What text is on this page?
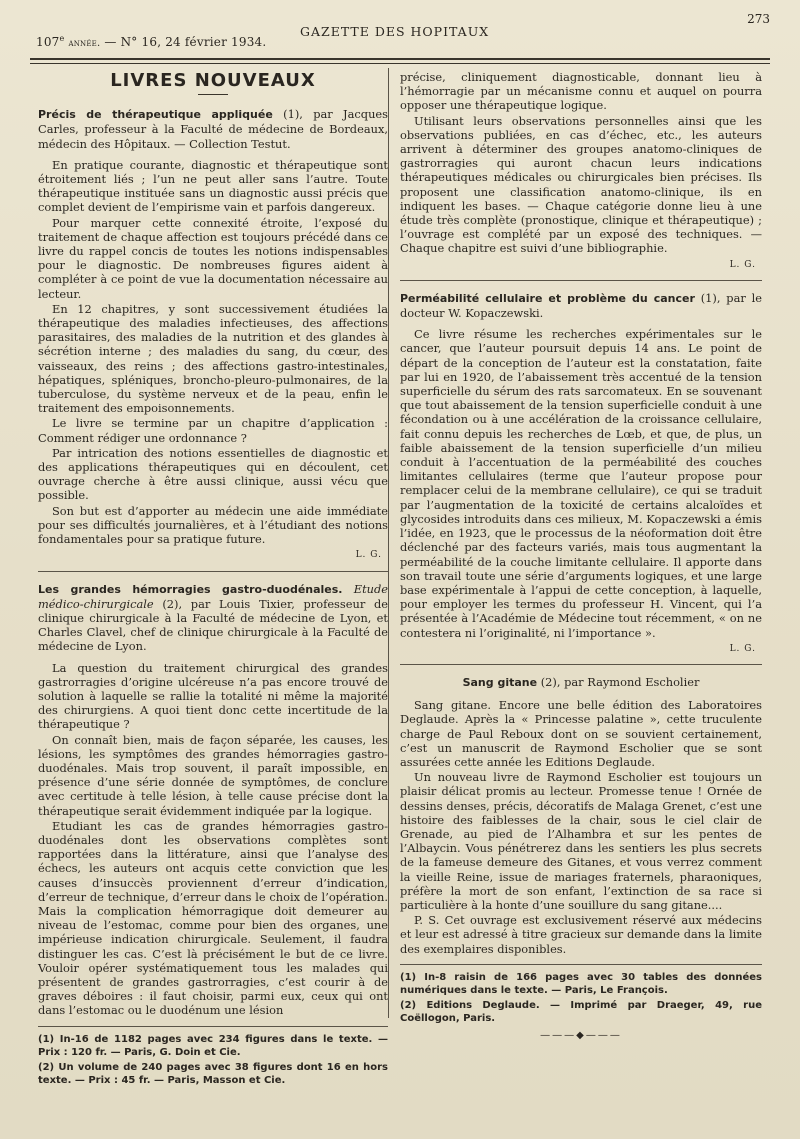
107e année. — N° 16, 24 février 1934.
GAZETTE DES HOPITAUX
273
LIVRES NOUVEAUX
Précis de thérapeutique appliquée (1), par Jacques Carles, professeur à la Faculté de médecine de Bordeaux, médecin des Hôpitaux. — Collection Testut.

En pratique courante, diagnostic et thérapeutique sont étroitement liés ; l’un ne peut aller sans l’autre. Toute thérapeutique instituée sans un diagnostic aussi précis que complet devient de l’empirisme vain et parfois dangereux.

Pour marquer cette connexité étroite, l’exposé du traitement de chaque affection est toujours précédé dans ce livre du rappel concis de toutes les notions indispensables pour le diagnostic. De nombreuses figures aident à compléter à ce point de vue la documentation nécessaire au lecteur.

En 12 chapitres, y sont successivement étudiées la thérapeutique des maladies infectieuses, des affections parasitaires, des maladies de la nutrition et des glandes à sécrétion interne ; des maladies du sang, du cœur, des vaisseaux, des reins ; des affections gastro-intestinales, hépatiques, spléniques, broncho-pleuro-pulmonaires, de la tuberculose, du système nerveux et de la peau, enfin le traitement des empoisonnements.

Le livre se termine par un chapitre d’application : Comment rédiger une ordonnance ?

Par intrication des notions essentielles de diagnostic et des applications thérapeutiques qui en découlent, cet ouvrage cherche à être aussi clinique, aussi vécu que possible.

Son but est d’apporter au médecin une aide immédiate pour ses difficultés journalières, et à l’étudiant des notions fondamentales pour sa pratique future.

L. G.
Les grandes hémorragies gastro-duodénales. Etude médico-chirurgicale (2), par Louis Tixier, professeur de clinique chirurgicale à la Faculté de médecine de Lyon, et Charles Clavel, chef de clinique chirurgicale à la Faculté de médecine de Lyon.

La question du traitement chirurgical des grandes gastrorragies d’origine ulcéreuse n’a pas encore trouvé de solution à laquelle se rallie la totalité ni même la majorité des chirurgiens. A quoi tient donc cette incertitude de la thérapeutique ?

On connaît bien, mais de façon séparée, les causes, les lésions, les symptômes des grandes hémorragies gastro-duodénales. Mais trop souvent, il paraît impossible, en présence d’une série donnée de symptômes, de conclure avec certitude à telle lésion, à telle cause précise dont la thérapeutique serait évidemment indiquée par la logique.

Etudiant les cas de grandes hémorragies gastro-duodénales dont les observations complètes sont rapportées dans la littérature, ainsi que l’analyse des échecs, les auteurs ont acquis cette conviction que les causes d’insuccès proviennent d’erreur d’indication, d’erreur de technique, d’erreur dans le choix de l’opération. Mais la complication hémorragique doit demeurer au niveau de l’estomac, comme pour bien des organes, une impérieuse indication chirurgicale. Seulement, il faudra distinguer les cas. C’est là précisément le but de ce livre. Vouloir opérer systématiquement tous les malades qui présentent de grandes gastrorragies, c’est courir à de graves déboires : il faut choisir, parmi eux, ceux qui ont dans l’estomac ou le duodénum une lésion

(1) In-16 de 1182 pages avec 234 figures dans le texte. — Prix : 120 fr. — Paris, G. Doin et Cie.
(2) Un volume de 240 pages avec 38 figures dont 16 en hors texte. — Prix : 45 fr. — Paris, Masson et Cie.

précise, cliniquement diagnosticable, donnant lieu à l’hémorragie par un mécanisme connu et auquel on pourra opposer une thérapeutique logique.

Utilisant leurs observations personnelles ainsi que les observations publiées, en cas d’échec, etc., les auteurs arrivent à déterminer des groupes anatomo-cliniques de gastrorragies qui auront chacun leurs indications thérapeutiques médicales ou chirurgicales bien précises. Ils proposent une classification anatomo-clinique, ils en indiquent les bases. — Chaque catégorie donne lieu à une étude très complète (pronostique, clinique et thérapeutique) ; l’ouvrage est complété par un exposé des techniques. — Chaque chapitre est suivi d’une bibliographie.

L. G.
Perméabilité cellulaire et problème du cancer (1), par le docteur W. Kopaczewski.

Ce livre résume les recherches expérimentales sur le cancer, que l’auteur poursuit depuis 14 ans. Le point de départ de la conception de l’auteur est la constatation, faite par lui en 1920, de l’abaissement très accentué de la tension superficielle du sérum des rats sarcomateux. En se souvenant que tout abaissement de la tension superficielle conduit à une fécondation ou à une accélération de la croissance cellulaire, fait connu depuis les recherches de Lœb, et que, de plus, un faible abaissement de la tension superficielle d’un milieu conduit à l’accentuation de la perméabilité des couches limitantes cellulaires (terme que l’auteur propose pour remplacer celui de la membrane cellulaire), ce qui se traduit par l’augmentation de la toxicité de certains alcaloïdes et glycosides introduits dans ces milieux, M. Kopaczewski a émis l’idée, en 1923, que le processus de la néoformation doit être déclenché par des facteurs variés, mais tous augmentant la perméabilité de la couche limitante cellulaire. Il apporte dans son travail toute une série d’arguments logiques, et une large base expérimentale à l’appui de cette conception, à laquelle, pour employer les termes du professeur H. Vincent, qui l’a présentée à l’Académie de Médecine tout récemment, « on ne contestera ni l’originalité, ni l’importance ».

L. G.
Sang gitane (2), par Raymond Escholier

Sang gitane. Encore une belle édition des Laboratoires Deglaude. Après la « Princesse palatine », cette truculente charge de Paul Reboux dont on se souvient certainement, c’est un manuscrit de Raymond Escholier que se sont assurées cette année les Editions Deglaude.

Un nouveau livre de Raymond Escholier est toujours un plaisir délicat promis au lecteur. Promesse tenue ! Ornée de dessins denses, précis, décoratifs de Malaga Grenet, c’est une histoire des faiblesses de la chair, sous le ciel clair de Grenade, au pied de l’Alhambra et sur les pentes de l’Albaycin. Vous pénétrerez dans les sentiers les plus secrets de la fameuse demeure des Gitanes, et vous verrez comment la vieille Reine, issue de mariages fraternels, pharaoniques, préfère la mort de son enfant, l’extinction de sa race si particulière à la honte d’une souillure du sang gitane....

P. S. Cet ouvrage est exclusivement réservé aux médecins et leur est adressé à titre gracieux sur demande dans la limite des exemplaires disponibles.

(1) In-8 raisin de 166 pages avec 30 tables des données numériques dans le texte. — Paris, Le François.
(2) Editions Deglaude. — Imprimé par Draeger, 49, rue Coëllogon, Paris.
———◆———
